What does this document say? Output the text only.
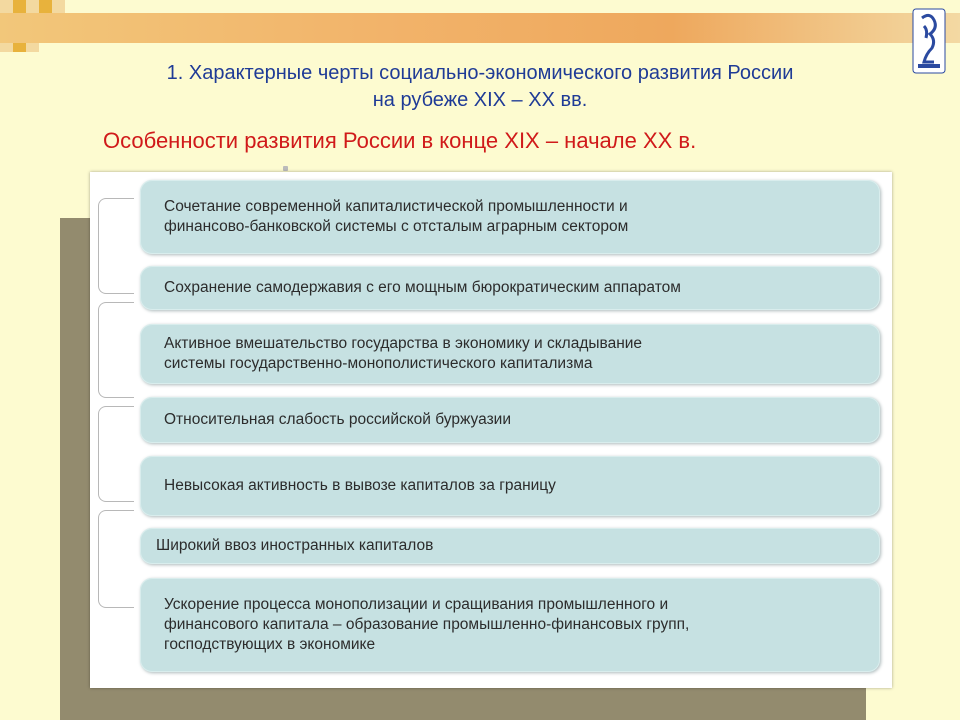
1. Характерные черты социально-экономического развития России
на рубеже XIX – XX вв.
Особенности развития России в конце XIX – начале XX в.
Сочетание современной капиталистической промышленности и
финансово-банковской системы с отсталым аграрным сектором
Сохранение самодержавия с его мощным бюрократическим аппаратом
Активное вмешательство государства в экономику и складывание
системы государственно-монополистического капитализма
Относительная слабость российской буржуазии
Невысокая активность в вывозе капиталов за границу
Широкий ввоз иностранных капиталов
Ускорение процесса монополизации и сращивания промышленного и
финансового капитала – образование промышленно-финансовых групп,
господствующих в экономике
